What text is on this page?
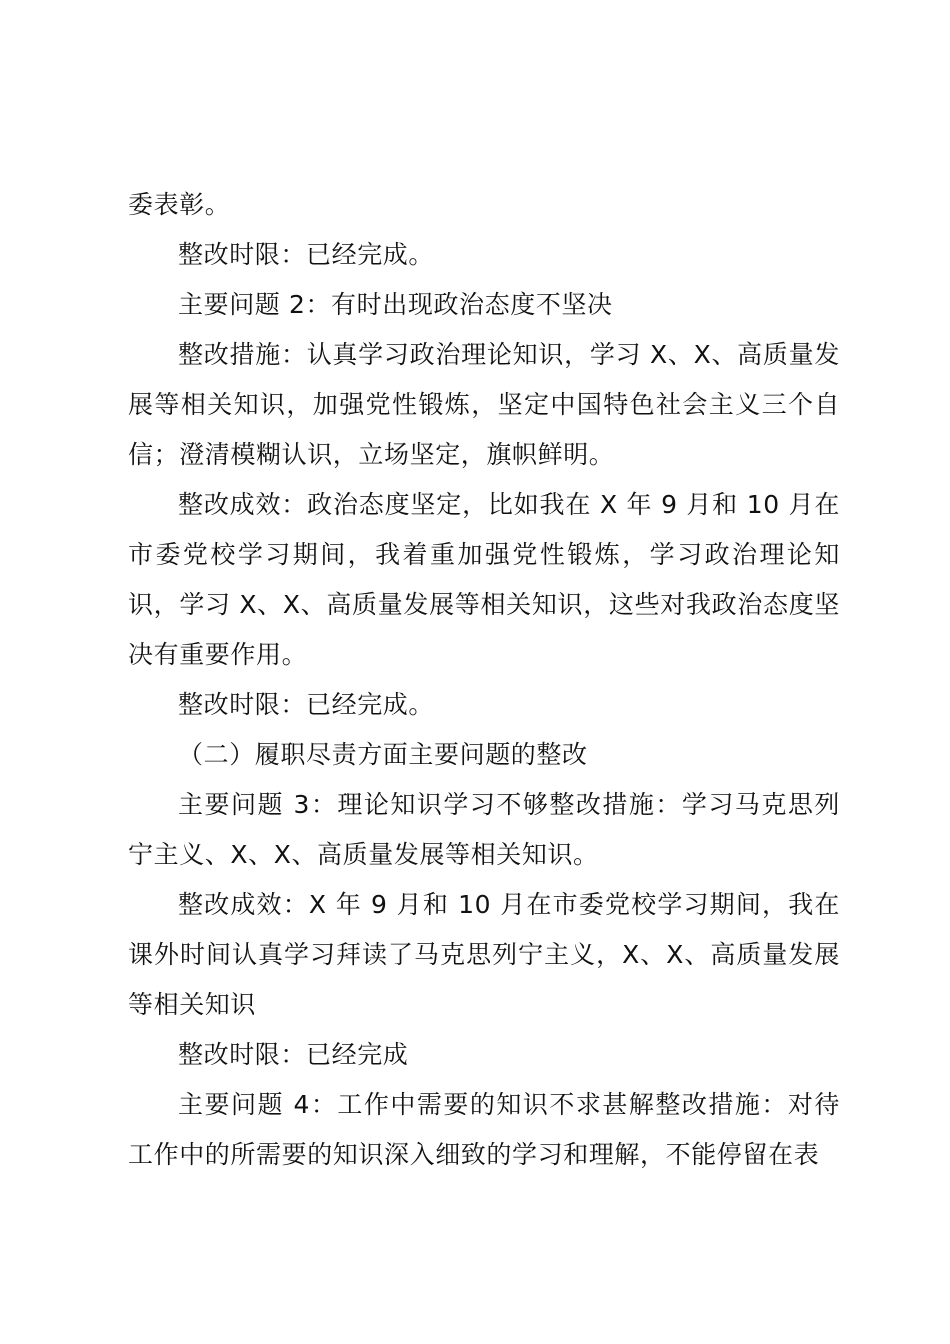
委表彰。

整改时限：已经完成。

主要问题 2：有时出现政治态度不坚决

整改措施：认真学习政治理论知识，学习 X、X、高质量发展等相关知识，加强党性锻炼，坚定中国特色社会主义三个自信；澄清模糊认识，立场坚定，旗帜鲜明。

整改成效：政治态度坚定，比如我在 X 年 9 月和 10 月在市委党校学习期间，我着重加强党性锻炼，学习政治理论知识，学习 X、X、高质量发展等相关知识，这些对我政治态度坚决有重要作用。

整改时限：已经完成。

（二）履职尽责方面主要问题的整改

主要问题 3：理论知识学习不够整改措施：学习马克思列宁主义、X、X、高质量发展等相关知识。

整改成效：X 年 9 月和 10 月在市委党校学习期间，我在课外时间认真学习拜读了马克思列宁主义，X、X、高质量发展等相关知识

整改时限：已经完成

主要问题 4：工作中需要的知识不求甚解整改措施：对待工作中的所需要的知识深入细致的学习和理解，不能停留在表
